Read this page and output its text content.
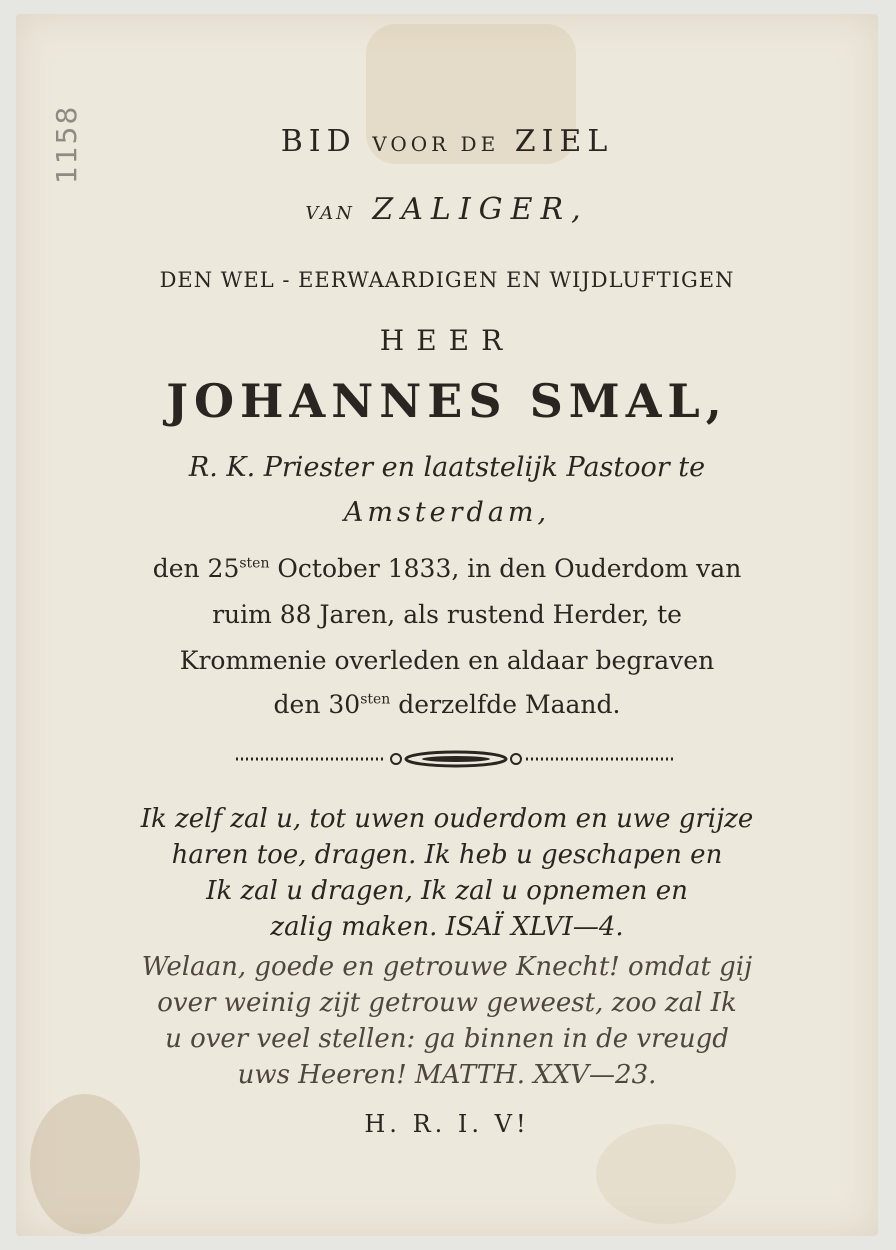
1158	BID VOOR DE ZIEL
VAN ZALIGER,
DEN WEL - EERWAARDIGEN EN WIJDLUFTIGEN
HEER
JOHANNES SMAL,
R. K. Priester en laatstelijk Pastoor te
Amsterdam,
den $25^{sten}$ October 1833, in den Ouderdom van
ruim 88 Jaren, als rustend Herder, te
Krommenie overleden en aldaar begraven
den $30^{sten}$ derzelfde Maand.
Ik zelf zal u, tot uwen ouderdom en uwe grijze
haren toe, dragen. Ik heb u geschapen en
Ik zal u dragen, Ik zal u opnemen en
zalig maken. ISAÏ XLVI—4.
Welaan, goede en getrouwe Knecht! omdat gij
over weinig zijt getrouw geweest, zoo zal Ik
u over veel stellen: ga binnen in de vreugd
uws Heeren! MATTH. XXV—23.
H. R. I. V!
